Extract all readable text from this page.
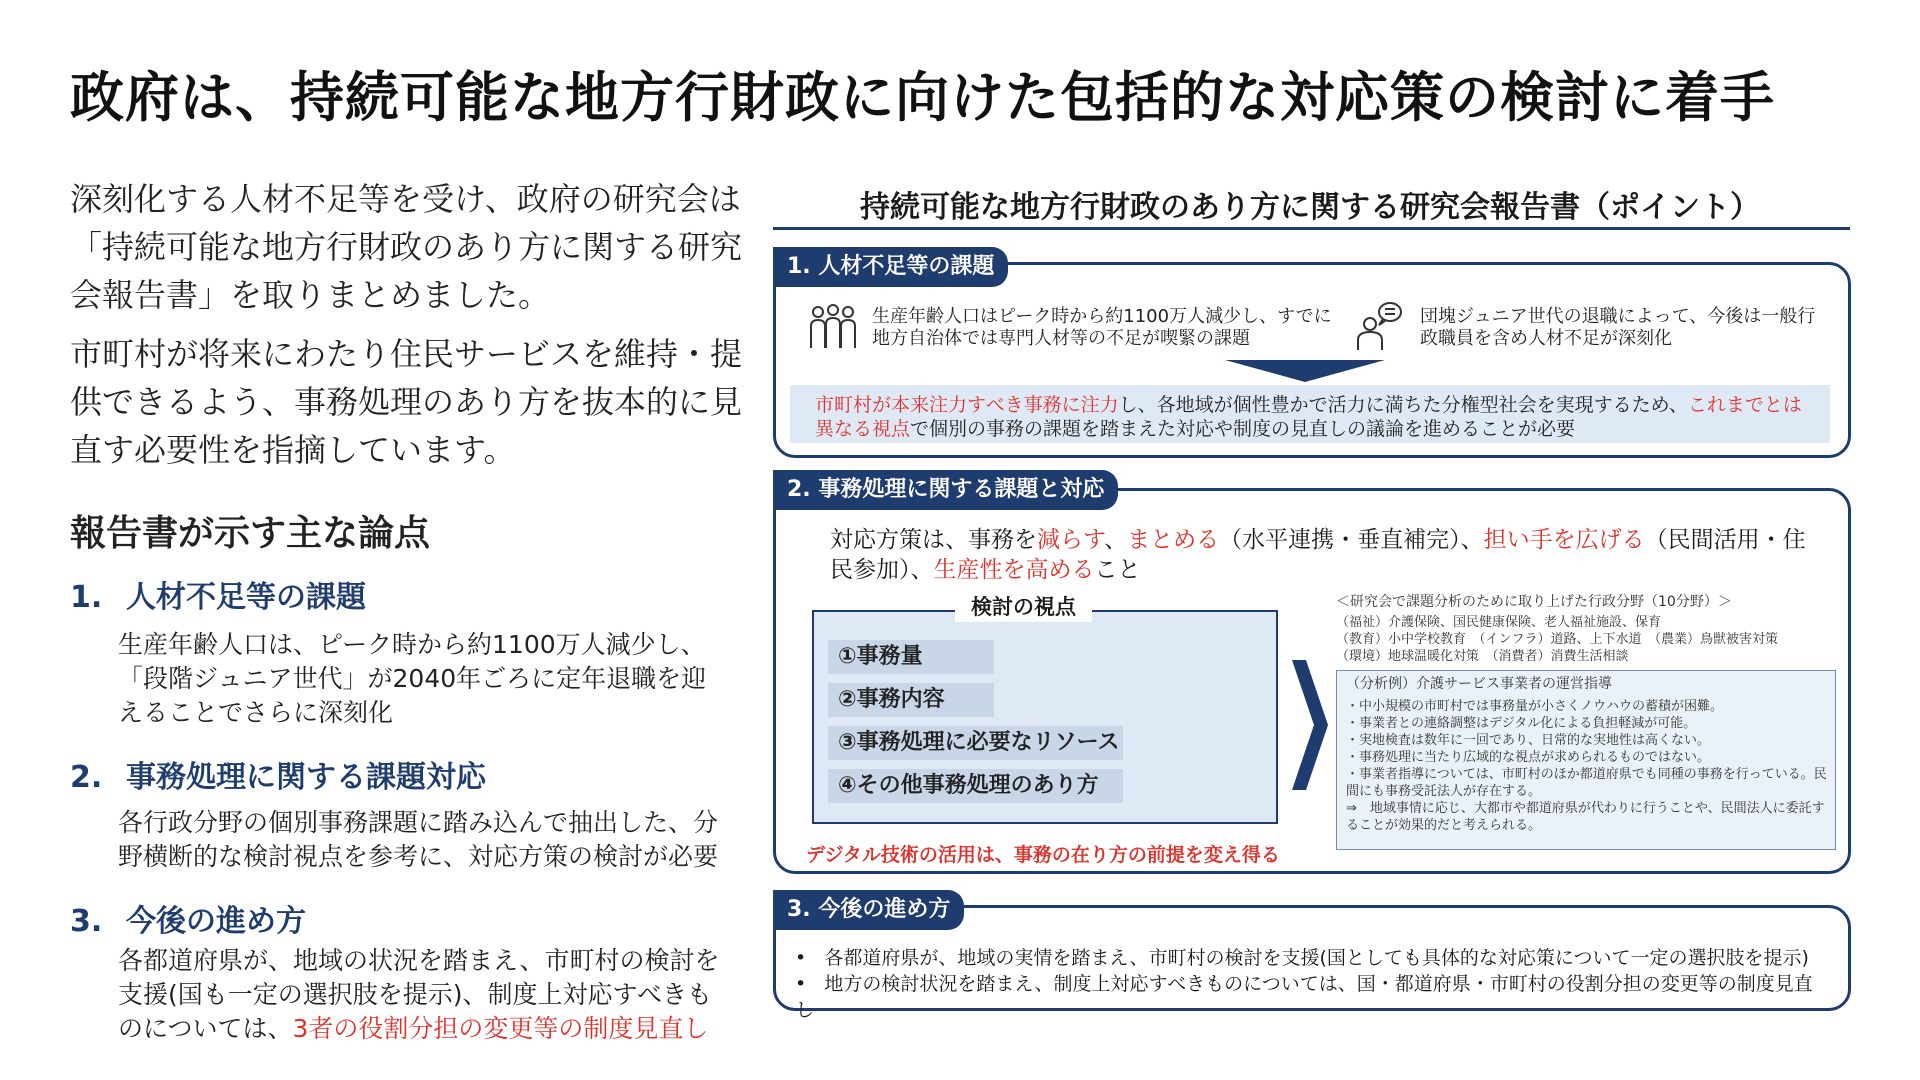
政府は、持続可能な地方行財政に向けた包括的な対応策の検討に着手
深刻化する人材不足等を受け、政府の研究会は「持続可能な地方行財政のあり方に関する研究会報告書」を取りまとめました。
市町村が将来にわたり住民サービスを維持・提供できるよう、事務処理のあり方を抜本的に見直す必要性を指摘しています。
報告書が示す主な論点
1. 人材不足等の課題
生産年齢人口は、ピーク時から約1100万人減少し、「段階ジュニア世代」が2040年ごろに定年退職を迎えることでさらに深刻化
2. 事務処理に関する課題対応
各行政分野の個別事務課題に踏み込んで抽出した、分野横断的な検討視点を参考に、対応方策の検討が必要
3. 今後の進め方
各都道府県が、地域の状況を踏まえ、市町村の検討を支援(国も一定の選択肢を提示)、制度上対応すべきものについては、3者の役割分担の変更等の制度見直し
持続可能な地方行財政のあり方に関する研究会報告書（ポイント）
1. 人材不足等の課題
生産年齢人口はピーク時から約1100万人減少し、すでに地方自治体では専門人材等の不足が喫緊の課題
団塊ジュニア世代の退職によって、今後は一般行政職員を含め人材不足が深刻化
市町村が本来注力すべき事務に注力し、各地域が個性豊かで活力に満ちた分権型社会を実現するため、これまでとは異なる視点で個別の事務の課題を踏まえた対応や制度の見直しの議論を進めることが必要
2. 事務処理に関する課題と対応
対応方策は、事務を減らす、まとめる（水平連携・垂直補完）、担い手を広げる（民間活用・住民参加）、生産性を高めること
検討の視点
①事務量
②事務内容
③事務処理に必要なリソース
④その他事務処理のあり方
デジタル技術の活用は、事務の在り方の前提を変え得る
＜研究会で課題分析のために取り上げた行政分野（10分野）＞
（福祉）介護保険、国民健康保険、老人福祉施設、保育
（教育）小中学校教育　（インフラ）道路、上下水道　（農業）鳥獣被害対策
（環境）地球温暖化対策　（消費者）消費生活相談
（分析例）介護サービス事業者の運営指導
・中小規模の市町村では事務量が小さくノウハウの蓄積が困難。
・事業者との連絡調整はデジタル化による負担軽減が可能。
・実地検査は数年に一回であり、日常的な実地性は高くない。
・事務処理に当たり広域的な視点が求められるものではない。
・事業者指導については、市町村のほか都道府県でも同種の事務を行っている。民間にも事務受託法人が存在する。
⇒　地域事情に応じ、大都市や都道府県が代わりに行うことや、民間法人に委託することが効果的だと考えられる。
3. 今後の進め方
•   各都道府県が、地域の実情を踏まえ、市町村の検討を支援(国としても具体的な対応策について一定の選択肢を提示)
•   地方の検討状況を踏まえ、制度上対応すべきものについては、国・都道府県・市町村の役割分担の変更等の制度見直し
